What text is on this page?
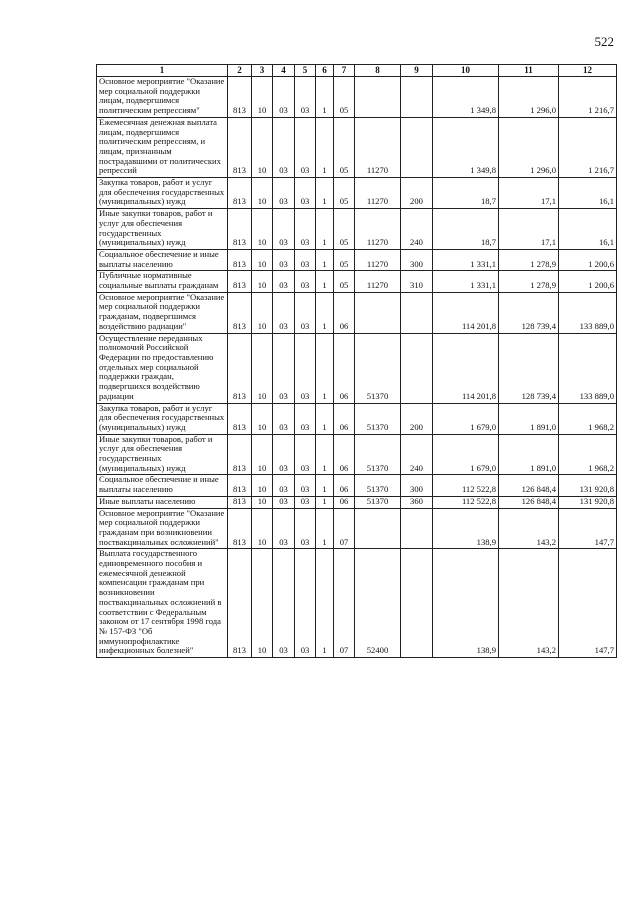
522
1	2	3	4	5	6	7	8	9	10	11	12
Основное мероприятие "Оказание мер социальной поддержки лицам, подвергшимся политическим репрессиям"	813	10	03	03	1	05			1 349,8	1 296,0	1 216,7
Ежемесячная денежная выплата лицам, подвергшимся политическим репрессиям, и лицам, признанным пострадавшими от политических репрессий	813	10	03	03	1	05	11270		1 349,8	1 296,0	1 216,7
Закупка товаров, работ и услуг для обеспечения государственных (муниципальных) нужд	813	10	03	03	1	05	11270	200	18,7	17,1	16,1
Иные закупки товаров, работ и услуг для обеспечения государственных (муниципальных) нужд	813	10	03	03	1	05	11270	240	18,7	17,1	16,1
Социальное обеспечение и иные выплаты населению	813	10	03	03	1	05	11270	300	1 331,1	1 278,9	1 200,6
Публичные нормативные социальные выплаты гражданам	813	10	03	03	1	05	11270	310	1 331,1	1 278,9	1 200,6
Основное мероприятие "Оказание мер социальной поддержки гражданам, подвергшимся воздействию радиации"	813	10	03	03	1	06			114 201,8	128 739,4	133 889,0
Осуществление переданных полномочий Российской Федерации по предоставлению отдельных мер социальной поддержки граждан, подвергшихся воздействию радиации	813	10	03	03	1	06	51370		114 201,8	128 739,4	133 889,0
Закупка товаров, работ и услуг для обеспечения государственных (муниципальных) нужд	813	10	03	03	1	06	51370	200	1 679,0	1 891,0	1 968,2
Иные закупки товаров, работ и услуг для обеспечения государственных (муниципальных) нужд	813	10	03	03	1	06	51370	240	1 679,0	1 891,0	1 968,2
Социальное обеспечение и иные выплаты населению	813	10	03	03	1	06	51370	300	112 522,8	126 848,4	131 920,8
Иные выплаты населению	813	10	03	03	1	06	51370	360	112 522,8	126 848,4	131 920,8
Основное мероприятие "Оказание мер социальной поддержки гражданам при возникновении поствакцинальных осложнений"	813	10	03	03	1	07			138,9	143,2	147,7
Выплата государственного единовременного пособия и ежемесячной денежной компенсации гражданам при возникновении поствакцинальных осложнений в соответствии с Федеральным законом от 17 сентября 1998 года № 157-ФЗ "Об иммунопрофилактике инфекционных болезней"	813	10	03	03	1	07	52400		138,9	143,2	147,7
